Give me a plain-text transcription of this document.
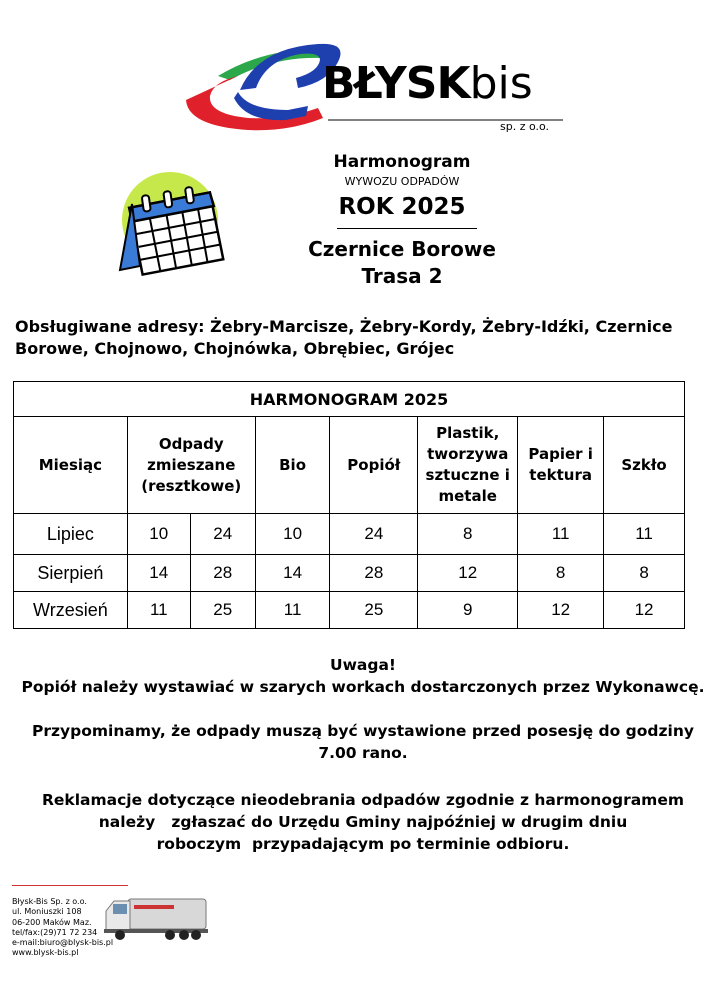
BŁYSKbis
sp. z o.o.
Harmonogram
WYWOZU ODPADÓW
ROK 2025
Czernice Borowe
Trasa 2
Obsługiwane adresy: Żebry-Marcisze, Żebry-Kordy, Żebry-Idźki, Czernice Borowe, Chojnowo, Chojnówka, Obrębiec, Grójec
HARMONOGRAM 2025							
Miesiąc	Odpady zmieszane (resztkowe)		Bio	Popiół	Plastik, tworzywa sztuczne i metale	Papier i tektura	Szkło
Lipiec	10	24	10	24	8	11	11
Sierpień	14	28	14	28	12	8	8
Wrzesień	11	25	11	25	9	12	12
Uwaga!
Popiół należy wystawiać w szarych workach dostarczonych przez Wykonawcę.
Przypominamy, że odpady muszą być wystawione przed posesję do godziny
7.00 rano.
Reklamacje dotyczące nieodebrania odpadów zgodnie z harmonogramem
należy   zgłaszać do Urzędu Gminy najpóźniej w drugim dniu
roboczym  przypadającym po terminie odbioru.
Błysk-Bis Sp. z o.o.
ul. Moniuszki 108
06-200 Maków Maz.
tel/fax:(29)71 72 234
e-mail:biuro@blysk-bis.pl
www.blysk-bis.pl
